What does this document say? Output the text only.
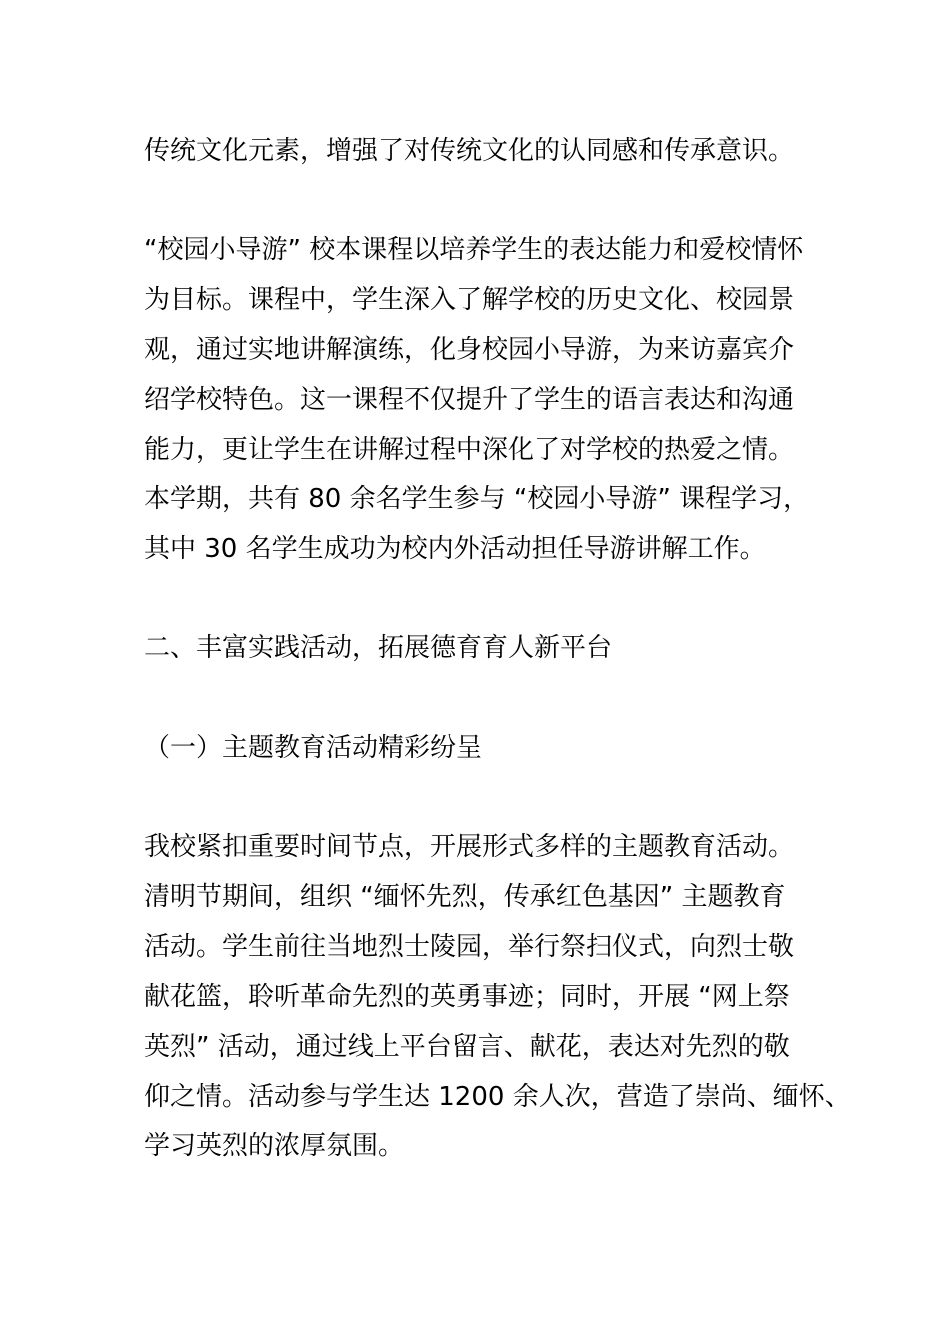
传统文化元素，增强了对传统文化的认同感和传承意识。
“校园小导游” 校本课程以培养学生的表达能力和爱校情怀
为目标。课程中，学生深入了解学校的历史文化、校园景
观，通过实地讲解演练，化身校园小导游，为来访嘉宾介
绍学校特色。这一课程不仅提升了学生的语言表达和沟通
能力，更让学生在讲解过程中深化了对学校的热爱之情。
本学期，共有 80 余名学生参与 “校园小导游” 课程学习，
其中 30 名学生成功为校内外活动担任导游讲解工作。
二、丰富实践活动，拓展德育育人新平台
（一）主题教育活动精彩纷呈
我校紧扣重要时间节点，开展形式多样的主题教育活动。
清明节期间，组织 “缅怀先烈，传承红色基因” 主题教育
活动。学生前往当地烈士陵园，举行祭扫仪式，向烈士敬
献花篮，聆听革命先烈的英勇事迹；同时，开展 “网上祭
英烈” 活动，通过线上平台留言、献花，表达对先烈的敬
仰之情。活动参与学生达 1200 余人次，营造了崇尚、缅怀、
学习英烈的浓厚氛围。
